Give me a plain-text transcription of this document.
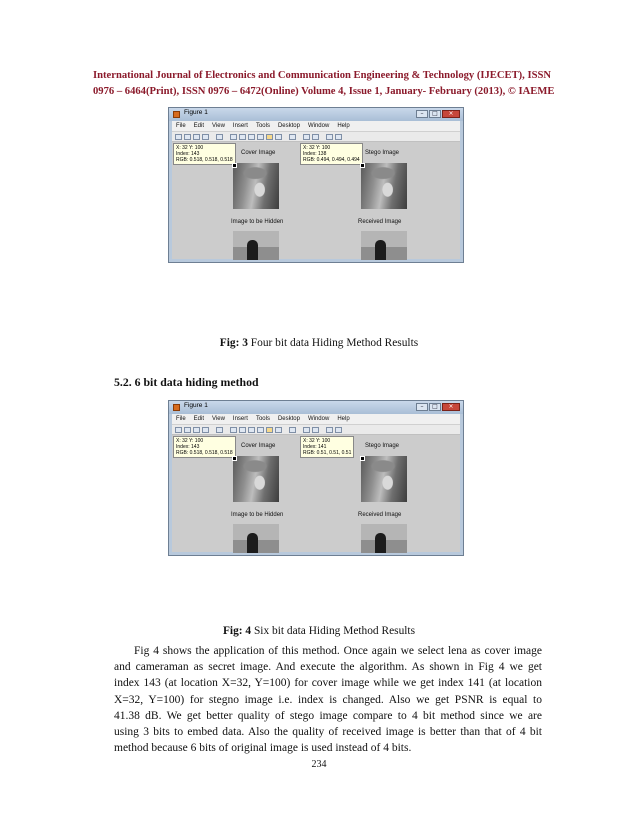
International Journal of Electronics and Communication Engineering & Technology (IJECET), ISSN
0976 – 6464(Print), ISSN 0976 – 6472(Online) Volume 4, Issue 1, January- February (2013), © IAEME
Figure 1	–	□	×
File Edit View Insert Tools Desktop Window Help
X: 32 Y: 100
Index: 143
RGB: 0.518, 0.518, 0.518
X: 32 Y: 100
Index: 138
RGB: 0.494, 0.494, 0.494
Cover Image	Stego Image
Image to be Hidden	Received Image
Fig: 3 Four bit data Hiding Method Results
5.2. 6 bit data hiding method
Figure 1	–	□	×
File Edit View Insert Tools Desktop Window Help
X: 32 Y: 100
Index: 143
RGB: 0.518, 0.518, 0.518
X: 32 Y: 100
Index: 141
RGB: 0.51, 0.51, 0.51
Cover Image	Stego Image
Image to be Hidden	Received Image
Fig: 4 Six bit data Hiding Method Results
Fig 4 shows the application of this method. Once again we select lena as cover image
and cameraman as secret image. And execute the algorithm. As shown in Fig 4 we get
index 143 (at location X=32, Y=100) for cover image while we get index 141 (at location
X=32, Y=100) for stegno image i.e. index is changed. Also we get PSNR is equal to
41.38 dB. We get better quality of stego image compare to 4 bit method since we are
using 3 bits to embed data. Also the quality of received image is better than that of 4 bit
method because 6 bits of original image is used instead of 4 bits.
234
